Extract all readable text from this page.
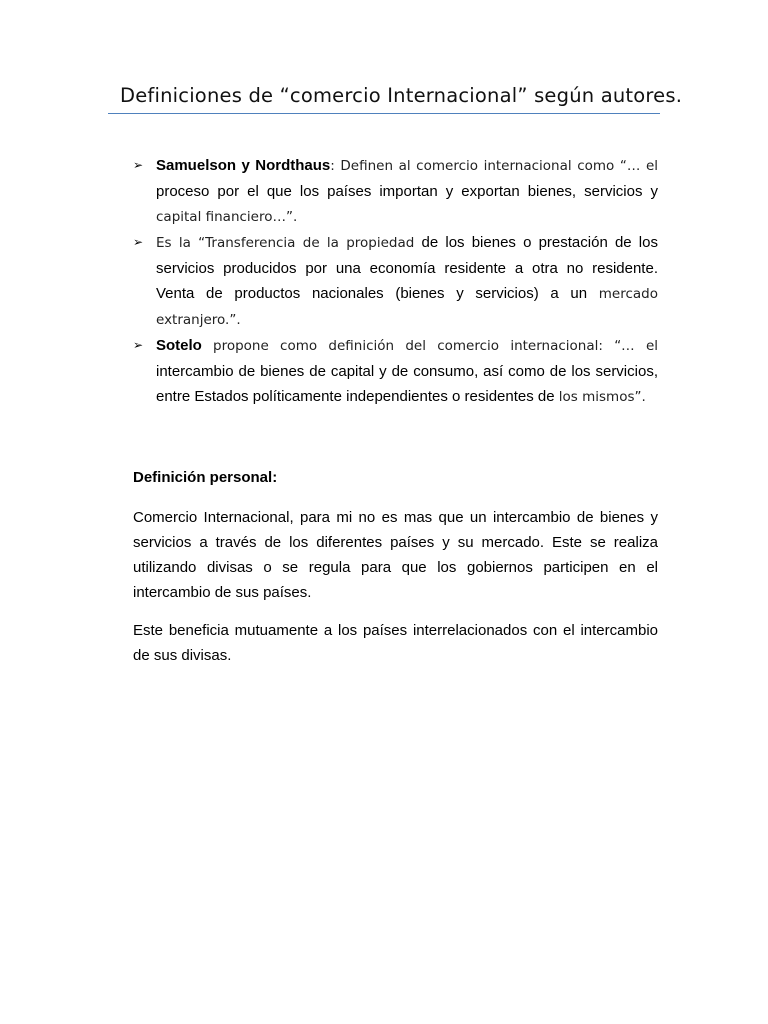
Definiciones de “comercio Internacional” según autores.
➢ Samuelson y Nordthaus: Definen al comercio internacional como “… el proceso por el que los países importan y exportan bienes, servicios y capital financiero…”.
➢ Es la “Transferencia de la propiedad de los bienes o prestación de los servicios producidos por una economía residente a otra no residente. Venta de productos nacionales (bienes y servicios) a un mercado extranjero.”.
➢ Sotelo propone como definición del comercio internacional: “… el intercambio de bienes de capital y de consumo, así como de los servicios, entre Estados políticamente independientes o residentes de los mismos”.

Definición personal:

Comercio Internacional, para mi no es mas que un intercambio de bienes y servicios a través de los diferentes países y su mercado. Este se realiza utilizando divisas o se regula para que los gobiernos participen en el intercambio de sus países.

Este beneficia mutuamente a los países interrelacionados con el intercambio de sus divisas.
